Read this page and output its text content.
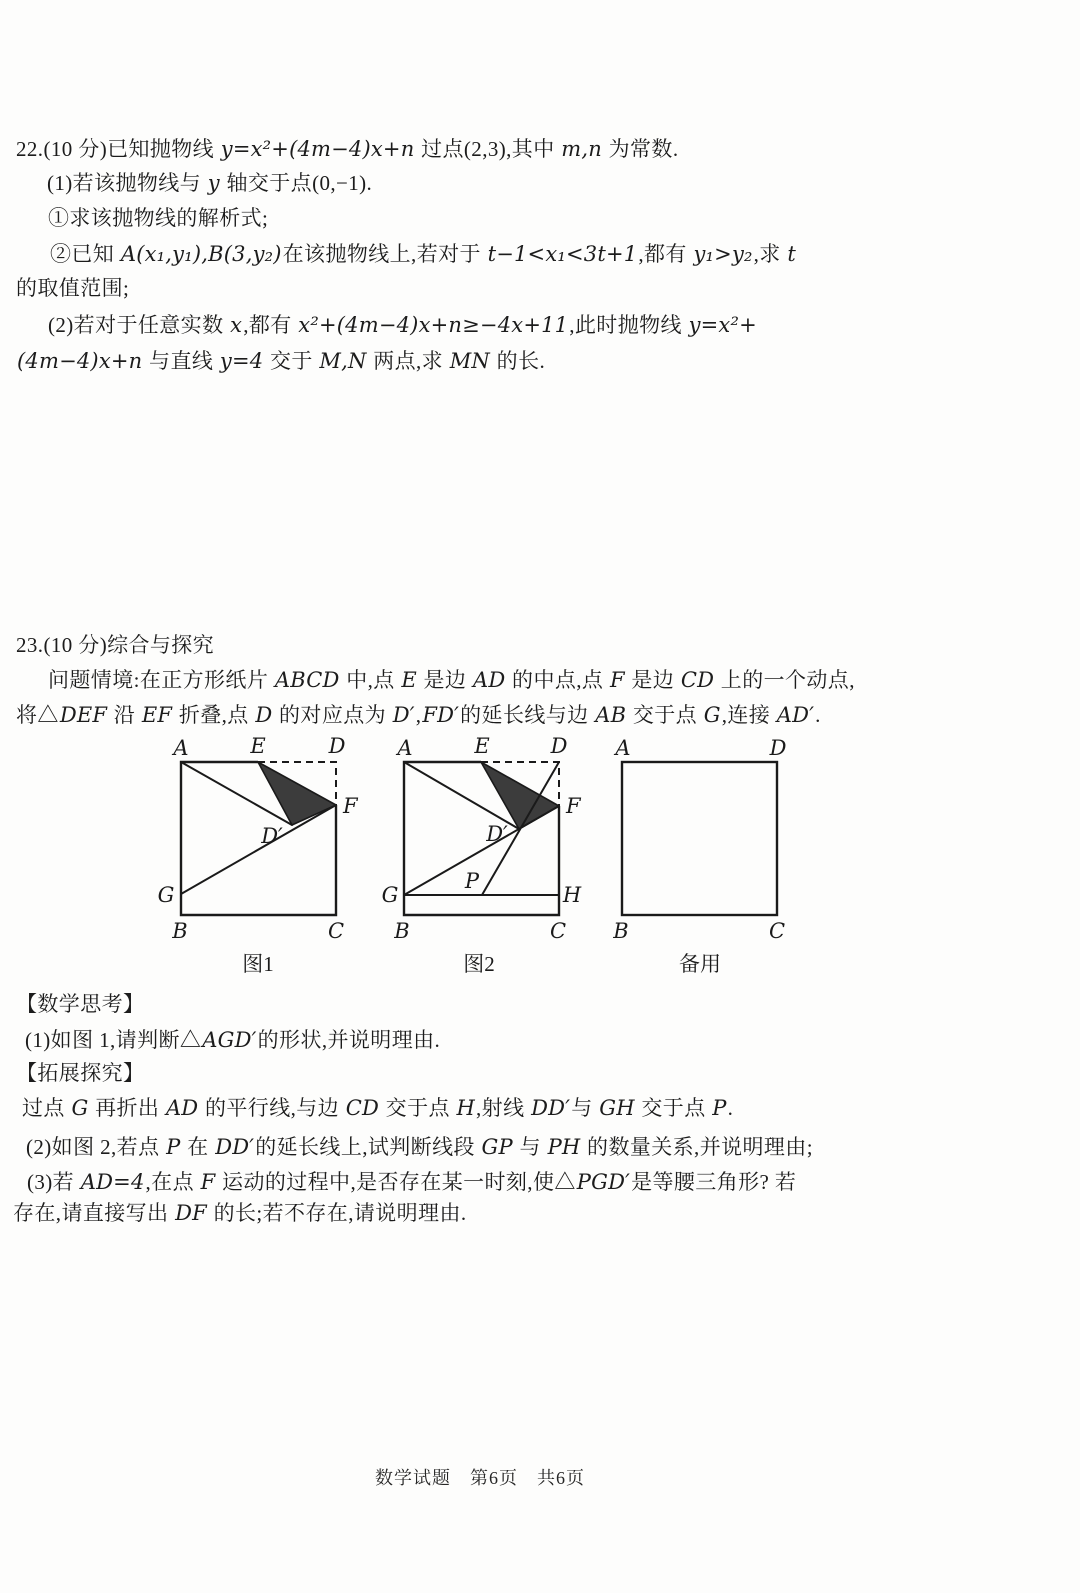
22.(10 分)已知抛物线 y=x²+(4m−4)x+n 过点(2,3),其中 m,n 为常数.
(1)若该抛物线与 y 轴交于点(0,−1).
①求该抛物线的解析式;
②已知 A(x₁,y₁),B(3,y₂)在该抛物线上,若对于 t−1<x₁<3t+1,都有 y₁>y₂,求 t
的取值范围;
(2)若对于任意实数 x,都有 x²+(4m−4)x+n≥−4x+11,此时抛物线 y=x²+
(4m−4)x+n 与直线 y=4 交于 M,N 两点,求 MN 的长.
23.(10 分)综合与探究
问题情境:在正方形纸片 ABCD 中,点 E 是边 AD 的中点,点 F 是边 CD 上的一个动点,
将△DEF 沿 EF 折叠,点 D 的对应点为 D′,FD′的延长线与边 AB 交于点 G,连接 AD′.
A	E	D
F
D′
G
B	C
图1
A	E	D
F
D′
P
G	H
B	C
图2
A	D
B	C
备用
【数学思考】
(1)如图 1,请判断△AGD′的形状,并说明理由.
【拓展探究】
过点 G 再折出 AD 的平行线,与边 CD 交于点 H,射线 DD′与 GH 交于点 P.
(2)如图 2,若点 P 在 DD′的延长线上,试判断线段 GP 与 PH 的数量关系,并说明理由;
(3)若 AD=4,在点 F 运动的过程中,是否存在某一时刻,使△PGD′是等腰三角形? 若
存在,请直接写出 DF 的长;若不存在,请说明理由.
数学试题　第6页　共6页
